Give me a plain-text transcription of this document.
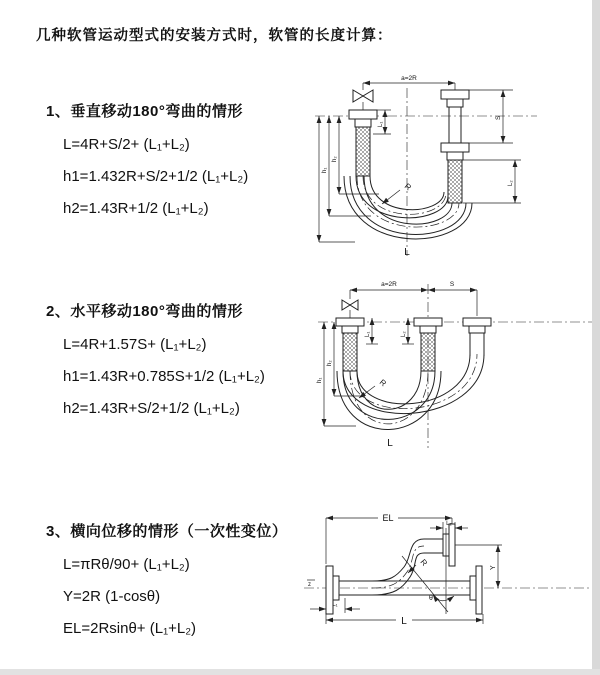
几种软管运动型式的安装方式时，软管的长度计算：
1、垂直移动180°弯曲的情形
L=4R+S/2+ (L₁+L₂)
h1=1.432R+S/2+1/2 (L₁+L₂)
h2=1.43R+1/2 (L₁+L₂)
2、水平移动180°弯曲的情形
L=4R+1.57S+ (L₁+L₂)
h1=1.43R+0.785S+1/2 (L₁+L₂)
h2=1.43R+S/2+1/2 (L₁+L₂)
3、横向位移的情形（一次性变位）
L=πRθ/90+ (L₁+L₂)
Y=2R (1-cosθ)
EL=2Rsinθ+ (L₁+L₂)
a=2R
S
L₂
L₁
h₂
h₁
R
L
a=2R	S
L₁	L₂
h₂
h₁	R
L
z
θ
R
EL
L₂
Y
L₁
L
